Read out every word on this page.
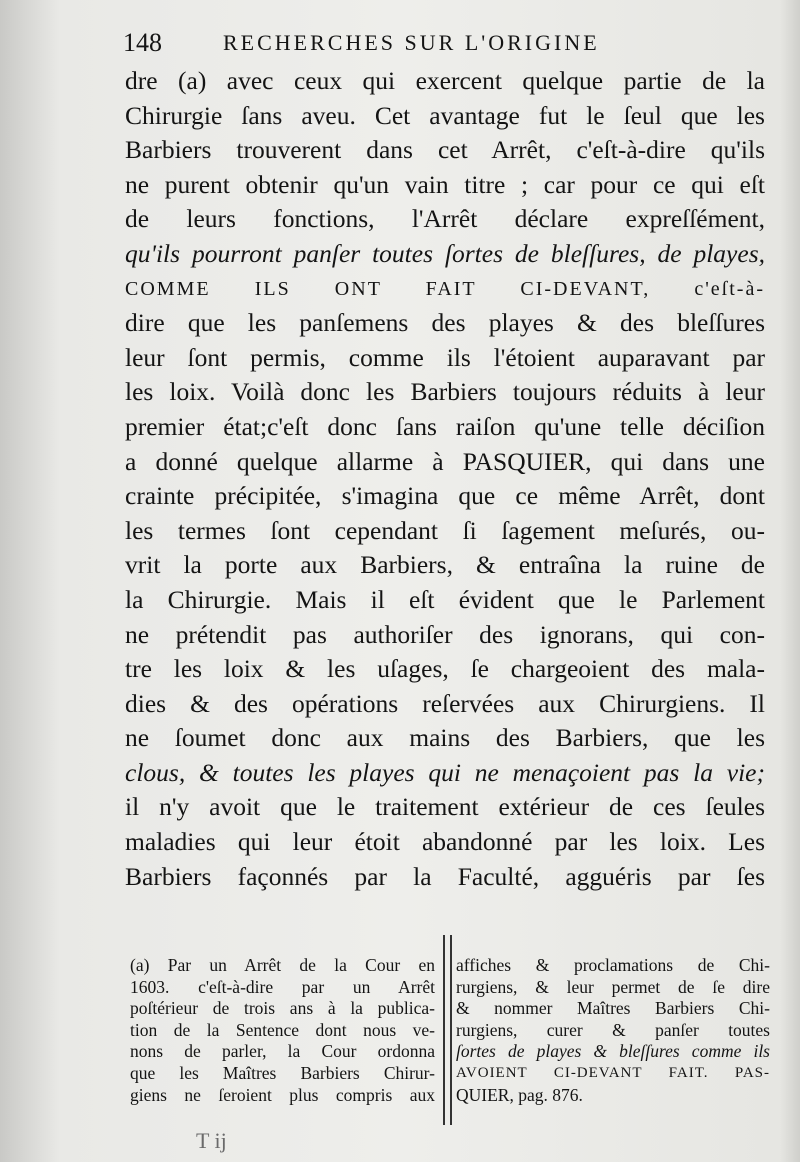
148	RECHERCHES SUR L'ORIGINE
dre (a) avec ceux qui exercent quelque partie de la
Chirurgie ſans aveu. Cet avantage fut le ſeul que les
Barbiers trouverent dans cet Arrêt, c'eſt-à-dire qu'ils
ne purent obtenir qu'un vain titre ; car pour ce qui eſt
de leurs fonctions, l'Arrêt déclare expreſſément,
qu'ils pourront panſer toutes ſortes de bleſſures, de playes,
COMME ILS ONT FAIT CI-DEVANT, c'eſt-à-
dire que les panſemens des playes & des bleſſures
leur ſont permis, comme ils l'étoient auparavant par
les loix. Voilà donc les Barbiers toujours réduits à leur
premier état;c'eſt donc ſans raiſon qu'une telle déciſion
a donné quelque allarme à PASQUIER, qui dans une
crainte précipitée, s'imagina que ce même Arrêt, dont
les termes ſont cependant ſi ſagement meſurés, ou-
vrit la porte aux Barbiers, & entraîna la ruine de
la Chirurgie. Mais il eſt évident que le Parlement
ne prétendit pas authoriſer des ignorans, qui con-
tre les loix & les uſages, ſe chargeoient des mala-
dies & des opérations reſervées aux Chirurgiens. Il
ne ſoumet donc aux mains des Barbiers, que les
clous, & toutes les playes qui ne menaçoient pas la vie;
il n'y avoit que le traitement extérieur de ces ſeules
maladies qui leur étoit abandonné par les loix. Les
Barbiers façonnés par la Faculté, agguéris par ſes
(a) Par un Arrêt de la Cour en
1603. c'eſt-à-dire par un Arrêt
poſtérieur de trois ans à la publica-
tion de la Sentence dont nous ve-
nons de parler, la Cour ordonna
que les Maîtres Barbiers Chirur-
giens ne ſeroient plus compris aux
affiches & proclamations de Chi-
rurgiens, & leur permet de ſe dire
& nommer Maîtres Barbiers Chi-
rurgiens, curer & panſer toutes
ſortes de playes & bleſſures comme ils
AVOIENT CI-DEVANT FAIT. PAS-
QUIER, pag. 876.
T ij
